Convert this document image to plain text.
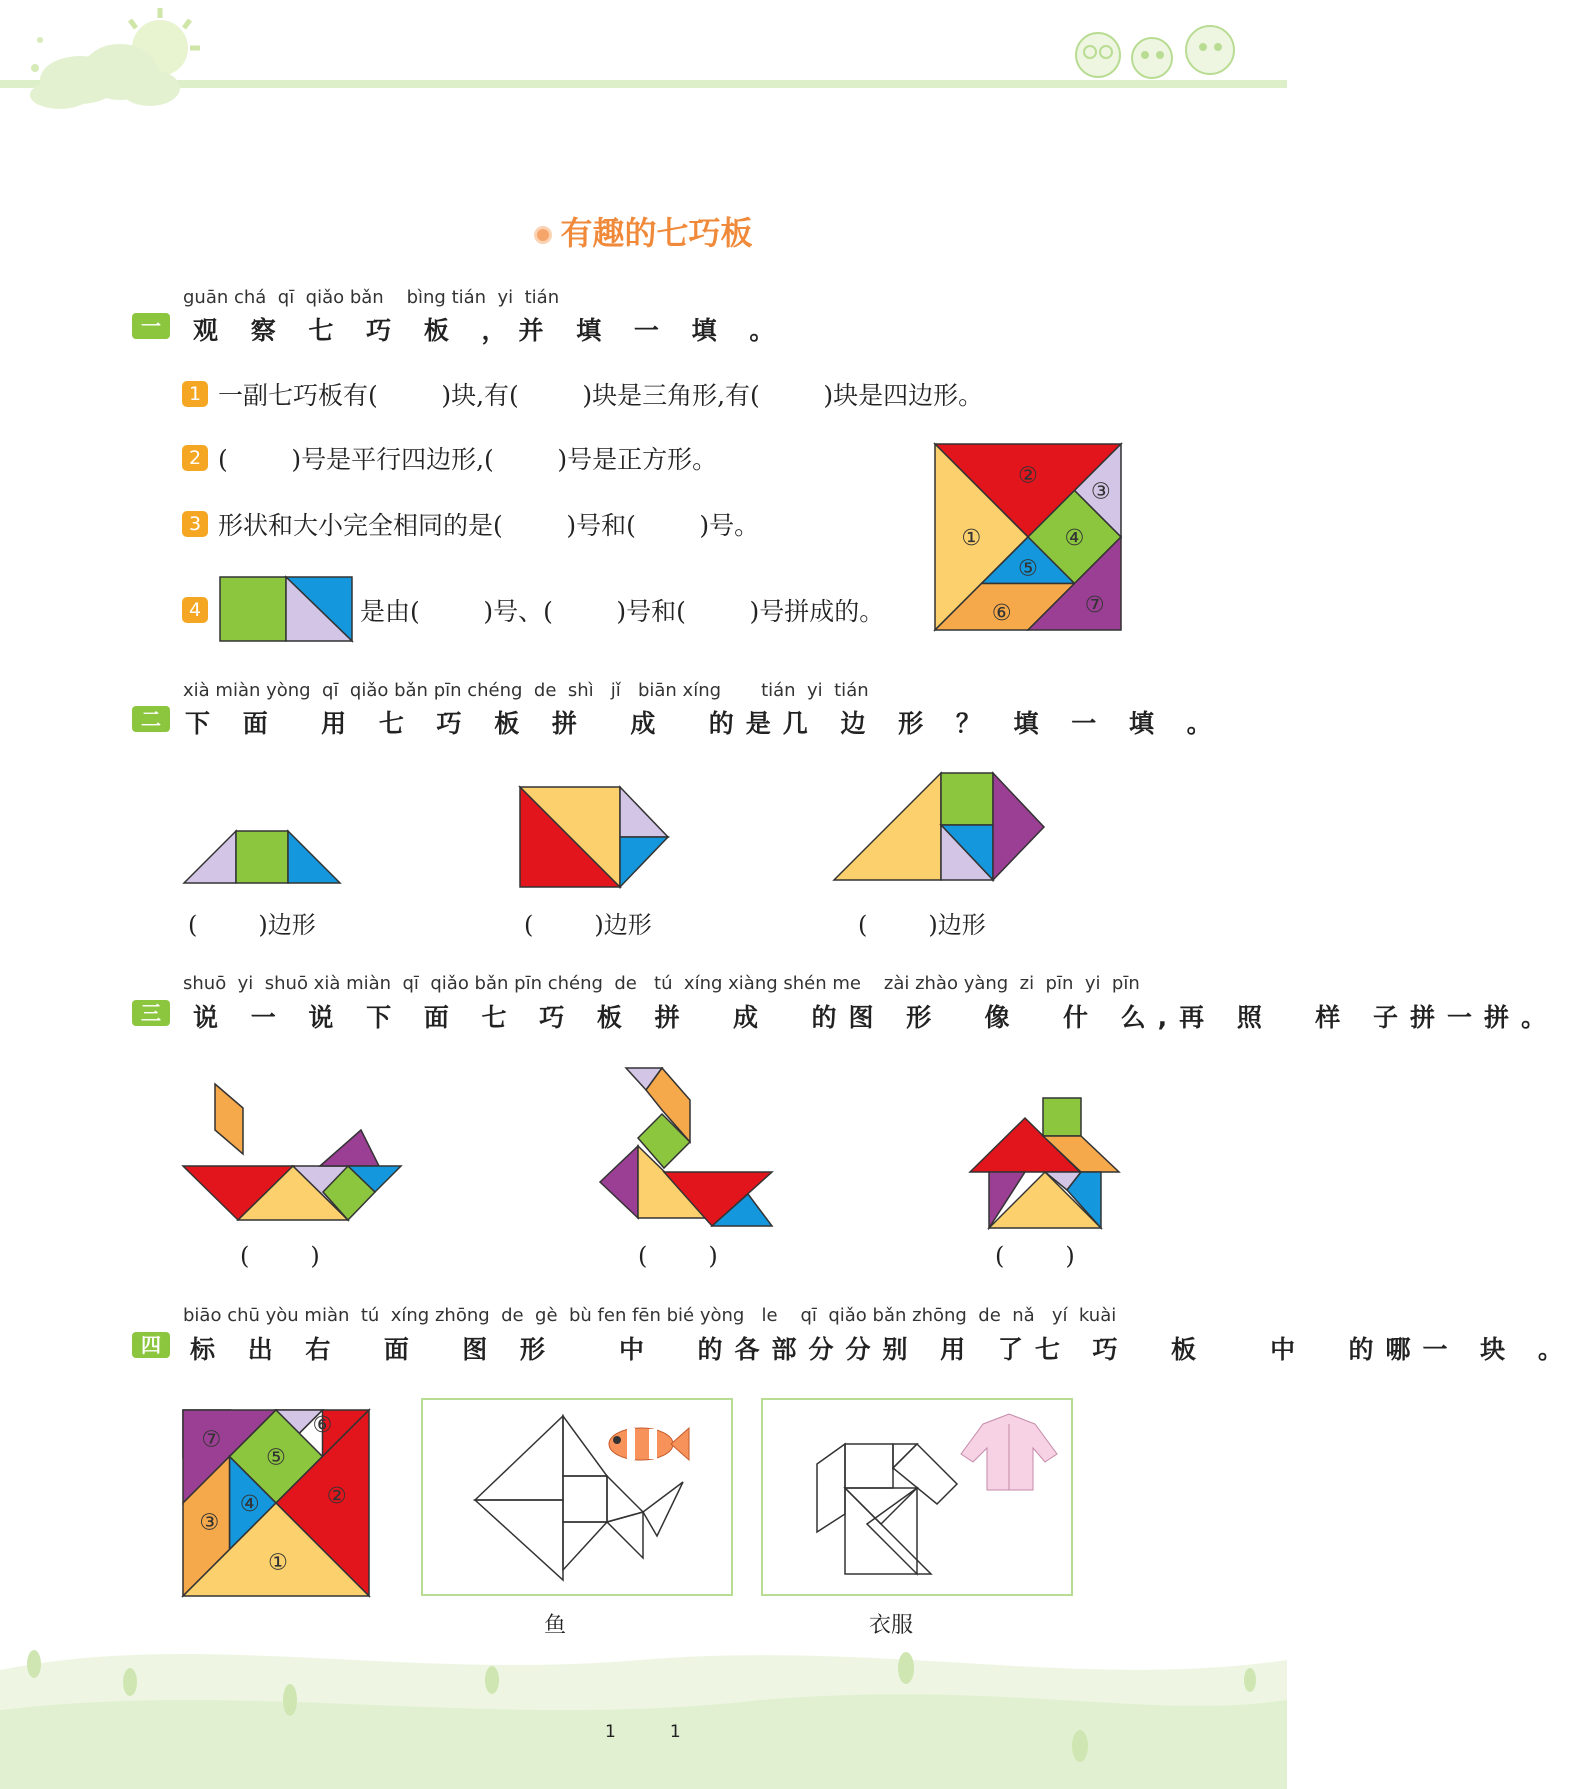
有趣的七巧板
guān chá  qī  qiǎo bǎn    bìng tián  yi  tián
一	观 察 七 巧 板 ，并 填 一 填 。
1 一副七巧板有(        )块,有(        )块是三角形,有(        )块是四边形。
2 (        )号是平行四边形,(        )号是正方形。
3 形状和大小完全相同的是(        )号和(        )号。
4	是由(        )号、(        )号和(        )号拼成的。
①
②
③
④
⑤
⑥	⑦
xià miàn yòng  qī  qiǎo bǎn pīn chéng  de  shì   jǐ   biān xíng       tián  yi  tián
二 下 面  用 七 巧 板 拼  成  的是几 边 形 ？ 填 一 填 。
(        )边形	(        )边形	(        )边形
shuō  yi  shuō xià miàn  qī  qiǎo bǎn pīn chéng  de   tú  xíng xiàng shén me    zài zhào yàng  zi  pīn  yi  pīn
三	说 一 说 下 面 七 巧 板 拼  成  的图 形  像  什 么,再 照  样 子拼一拼。
(        )	(        )	(        )
biāo chū yòu miàn  tú  xíng zhōng  de  gè  bù fen fēn bié yòng   le    qī  qiǎo bǎn zhōng  de  nǎ   yí  kuài
四	标 出 右  面  图 形   中  的各部分分别 用 了七 巧  板   中  的哪一 块 。
⑦
⑥
⑤
④
③
②
①
鱼	衣服
1          1
